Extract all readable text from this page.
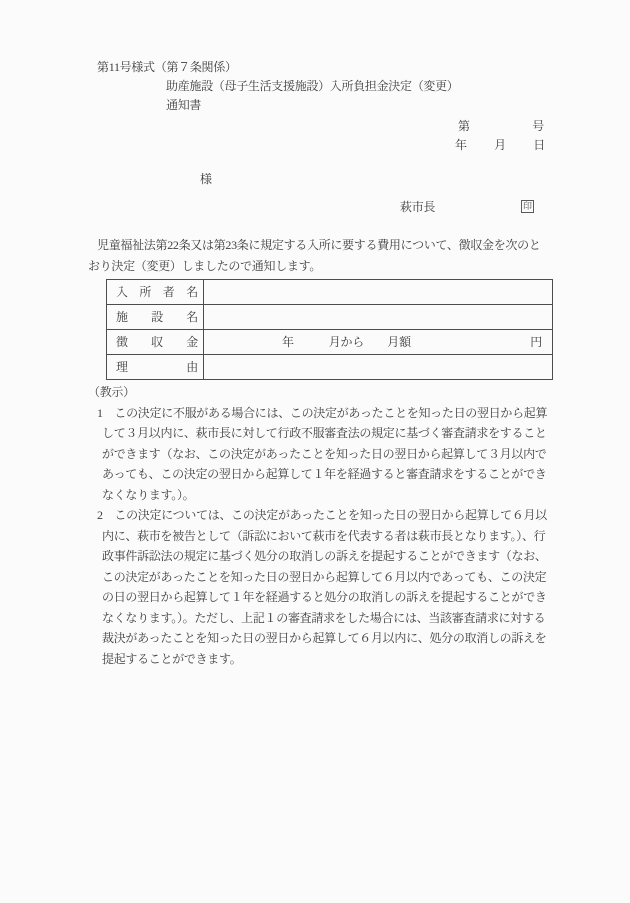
第11号様式（第７条関係）
助産施設（母子生活支援施設）入所負担金決定（変更）
通知書
第	号
年 月 日
様
萩市長	印
児童福祉法第22条又は第23条に規定する入所に要する費用について、徴収金を次のと
おり決定（変更）しましたので通知します。
入　所　者　名
施　　設　　名
徴　　収　　金	年　　　月から　　月額	円
理　　　　　由
（教示）
1　この決定に不服がある場合には、この決定があったことを知った日の翌日から起算
して３月以内に、萩市長に対して行政不服審査法の規定に基づく審査請求をすること
ができます（なお、この決定があったことを知った日の翌日から起算して３月以内で
あっても、この決定の翌日から起算して１年を経過すると審査請求をすることができ
なくなります。）。
2　この決定については、この決定があったことを知った日の翌日から起算して６月以
内に、萩市を被告として（訴訟において萩市を代表する者は萩市長となります。）、行
政事件訴訟法の規定に基づく処分の取消しの訴えを提起することができます（なお、
この決定があったことを知った日の翌日から起算して６月以内であっても、この決定
の日の翌日から起算して１年を経過すると処分の取消しの訴えを提起することができ
なくなります。）。ただし、上記１の審査請求をした場合には、当該審査請求に対する
裁決があったことを知った日の翌日から起算して６月以内に、処分の取消しの訴えを
提起することができます。
